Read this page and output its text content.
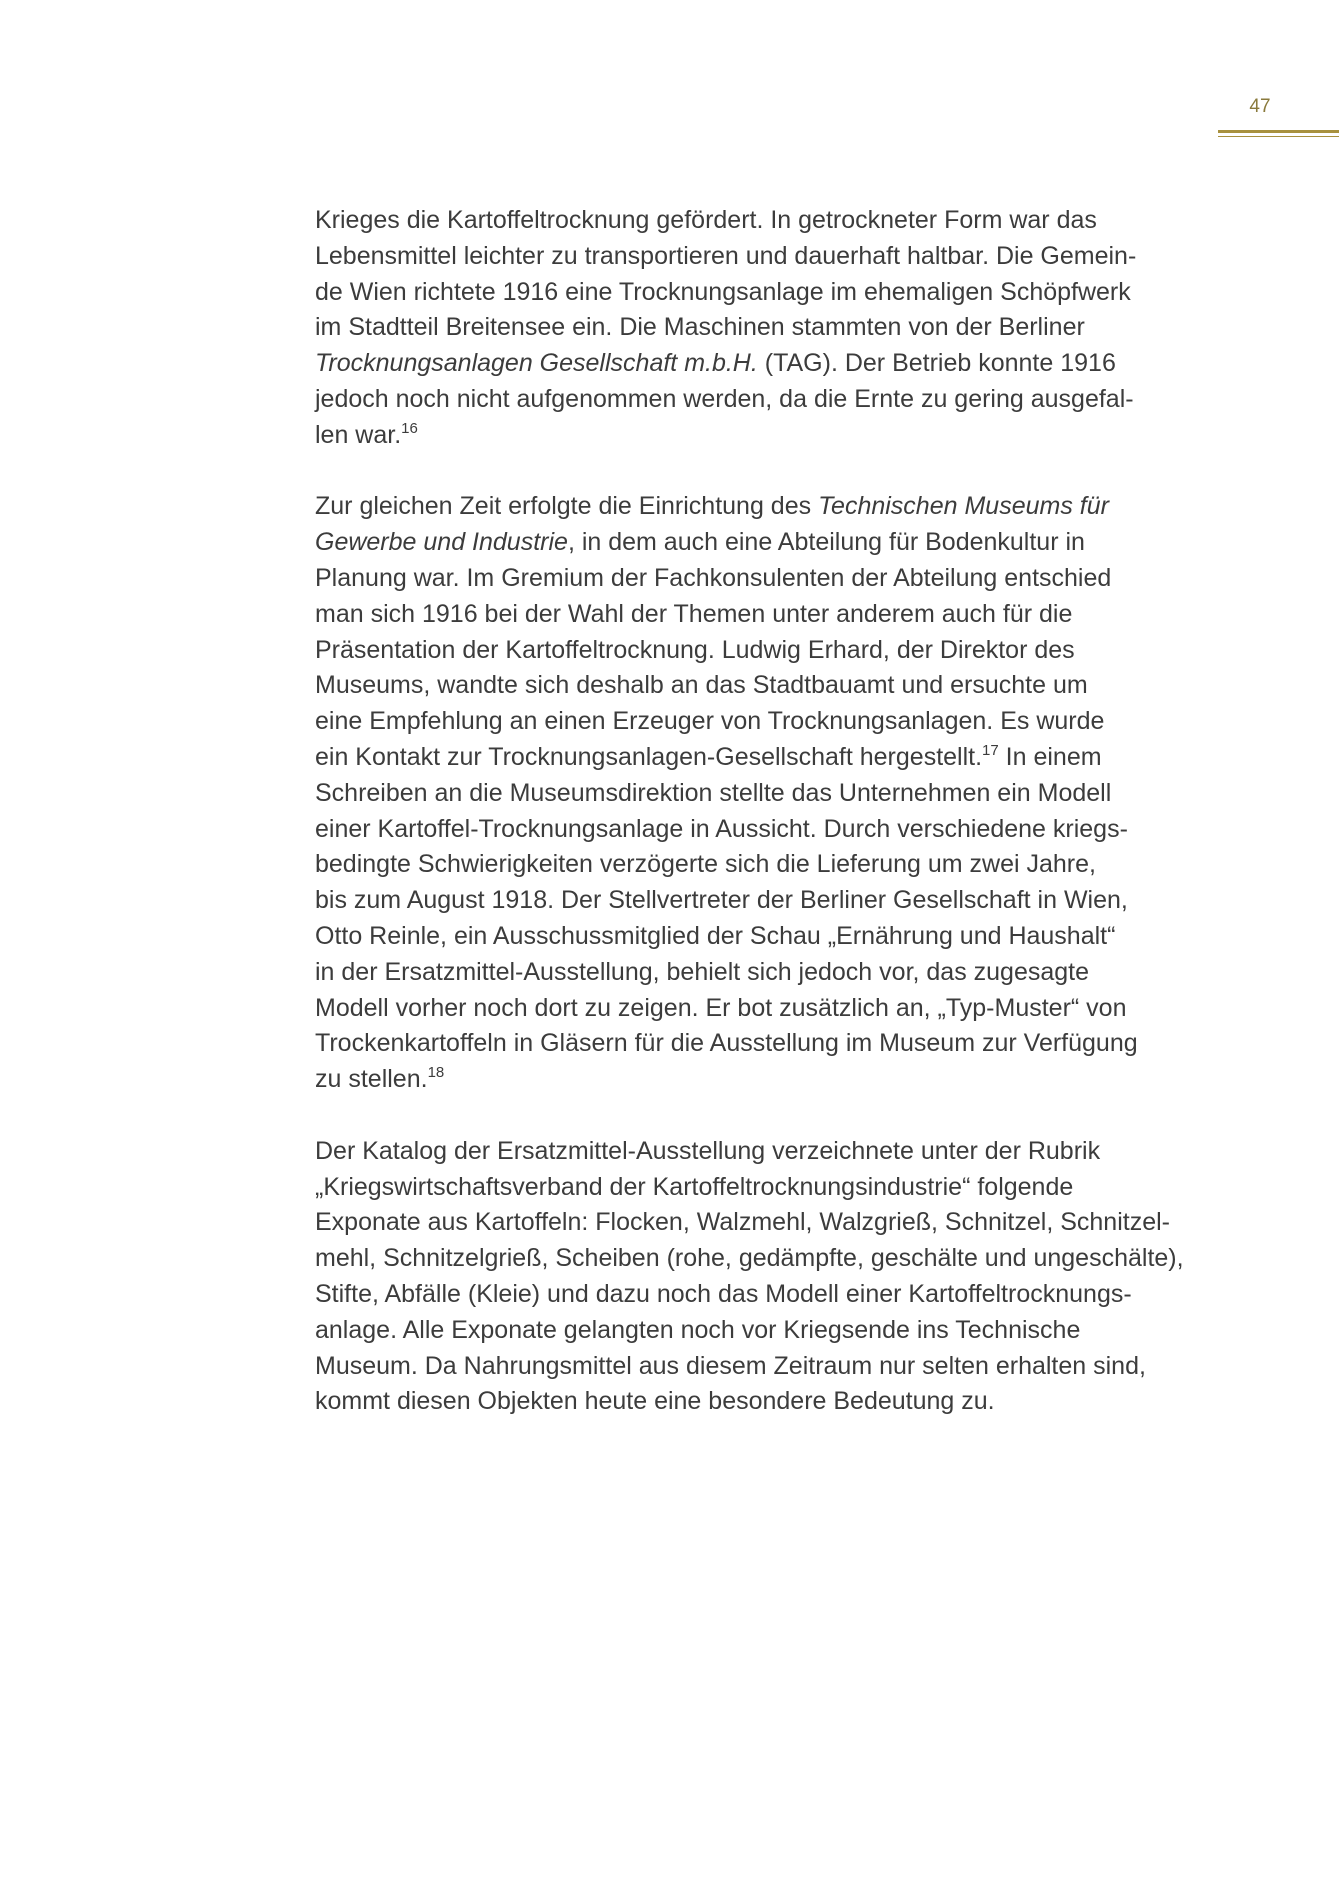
47
Krieges die Kartoffeltrocknung gefördert. In getrockneter Form war das
Lebensmittel leichter zu transportieren und dauerhaft haltbar. Die Gemein-
de Wien richtete 1916 eine Trocknungsanlage im ehemaligen Schöpfwerk
im Stadtteil Breitensee ein. Die Maschinen stammten von der Berliner
Trocknungsanlagen Gesellschaft m.b.H. (TAG). Der Betrieb konnte 1916
jedoch noch nicht aufgenommen werden, da die Ernte zu gering ausgefal-
len war.$^{16}$
Zur gleichen Zeit erfolgte die Einrichtung des Technischen Museums für
Gewerbe und Industrie, in dem auch eine Abteilung für Bodenkultur in
Planung war. Im Gremium der Fachkonsulenten der Abteilung entschied
man sich 1916 bei der Wahl der Themen unter anderem auch für die
Präsentation der Kartoffeltrocknung. Ludwig Erhard, der Direktor des
Museums, wandte sich deshalb an das Stadtbauamt und ersuchte um
eine Empfehlung an einen Erzeuger von Trocknungsanlagen. Es wurde
ein Kontakt zur Trocknungsanlagen-Gesellschaft hergestellt.$^{17}$ In einem
Schreiben an die Museumsdirektion stellte das Unternehmen ein Modell
einer Kartoffel-Trocknungsanlage in Aussicht. Durch verschiedene kriegs-
bedingte Schwierigkeiten verzögerte sich die Lieferung um zwei Jahre,
bis zum August 1918. Der Stellvertreter der Berliner Gesellschaft in Wien,
Otto Reinle, ein Ausschussmitglied der Schau „Ernährung und Haushalt“
in der Ersatzmittel-Ausstellung, behielt sich jedoch vor, das zugesagte
Modell vorher noch dort zu zeigen. Er bot zusätzlich an, „Typ-Muster“ von
Trockenkartoffeln in Gläsern für die Ausstellung im Museum zur Verfügung
zu stellen.$^{18}$
Der Katalog der Ersatzmittel-Ausstellung verzeichnete unter der Rubrik
„Kriegswirtschaftsverband der Kartoffeltrocknungsindustrie“ folgende
Exponate aus Kartoffeln: Flocken, Walzmehl, Walzgrieß, Schnitzel, Schnitzel-
mehl, Schnitzelgrieß, Scheiben (rohe, gedämpfte, geschälte und ungeschälte),
Stifte, Abfälle (Kleie) und dazu noch das Modell einer Kartoffeltrocknungs-
anlage. Alle Exponate gelangten noch vor Kriegsende ins Technische
Museum. Da Nahrungsmittel aus diesem Zeitraum nur selten erhalten sind,
kommt diesen Objekten heute eine besondere Bedeutung zu.
